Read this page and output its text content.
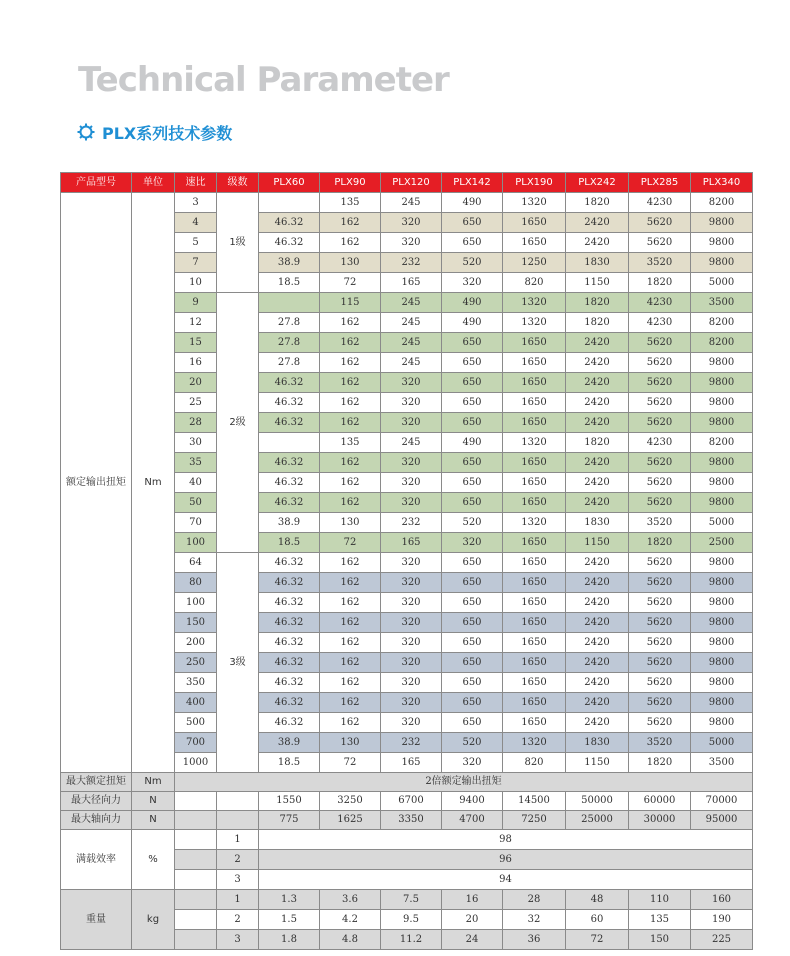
Technical Parameter
PLX系列技术参数
产品型号	单位	速比	级数	PLX60	PLX90	PLX120	PLX142	PLX190	PLX242	PLX285	PLX340
额定输出扭矩	Nm	3	1级		135	245	490	1320	1820	4230	8200
		4		46.32	162	320	650	1650	2420	5620	9800
		5		46.32	162	320	650	1650	2420	5620	9800
		7		38.9	130	232	520	1250	1830	3520	9800
		10		18.5	72	165	320	820	1150	1820	5000
		9	2级		115	245	490	1320	1820	4230	3500
		12		27.8	162	245	490	1320	1820	4230	8200
		15		27.8	162	245	650	1650	2420	5620	8200
		16		27.8	162	245	650	1650	2420	5620	9800
		20		46.32	162	320	650	1650	2420	5620	9800
		25		46.32	162	320	650	1650	2420	5620	9800
		28		46.32	162	320	650	1650	2420	5620	9800
		30			135	245	490	1320	1820	4230	8200
		35		46.32	162	320	650	1650	2420	5620	9800
		40		46.32	162	320	650	1650	2420	5620	9800
		50		46.32	162	320	650	1650	2420	5620	9800
		70		38.9	130	232	520	1320	1830	3520	5000
		100		18.5	72	165	320	1650	1150	1820	2500
		64	3级	46.32	162	320	650	1650	2420	5620	9800
		80		46.32	162	320	650	1650	2420	5620	9800
		100		46.32	162	320	650	1650	2420	5620	9800
		150		46.32	162	320	650	1650	2420	5620	9800
		200		46.32	162	320	650	1650	2420	5620	9800
		250		46.32	162	320	650	1650	2420	5620	9800
		350		46.32	162	320	650	1650	2420	5620	9800
		400		46.32	162	320	650	1650	2420	5620	9800
		500		46.32	162	320	650	1650	2420	5620	9800
		700		38.9	130	232	520	1320	1830	3520	5000
		1000		18.5	72	165	320	820	1150	1820	3500
最大额定扭矩	Nm	2倍额定输出扭矩									
最大径向力	N			1550	3250	6700	9400	14500	50000	60000	70000
最大轴向力	N			775	1625	3350	4700	7250	25000	30000	95000
满载效率	%		1	98							
			2	96							
			3	94							
重量	kg		1	1.3	3.6	7.5	16	28	48	110	160
			2	1.5	4.2	9.5	20	32	60	135	190
			3	1.8	4.8	11.2	24	36	72	150	225
